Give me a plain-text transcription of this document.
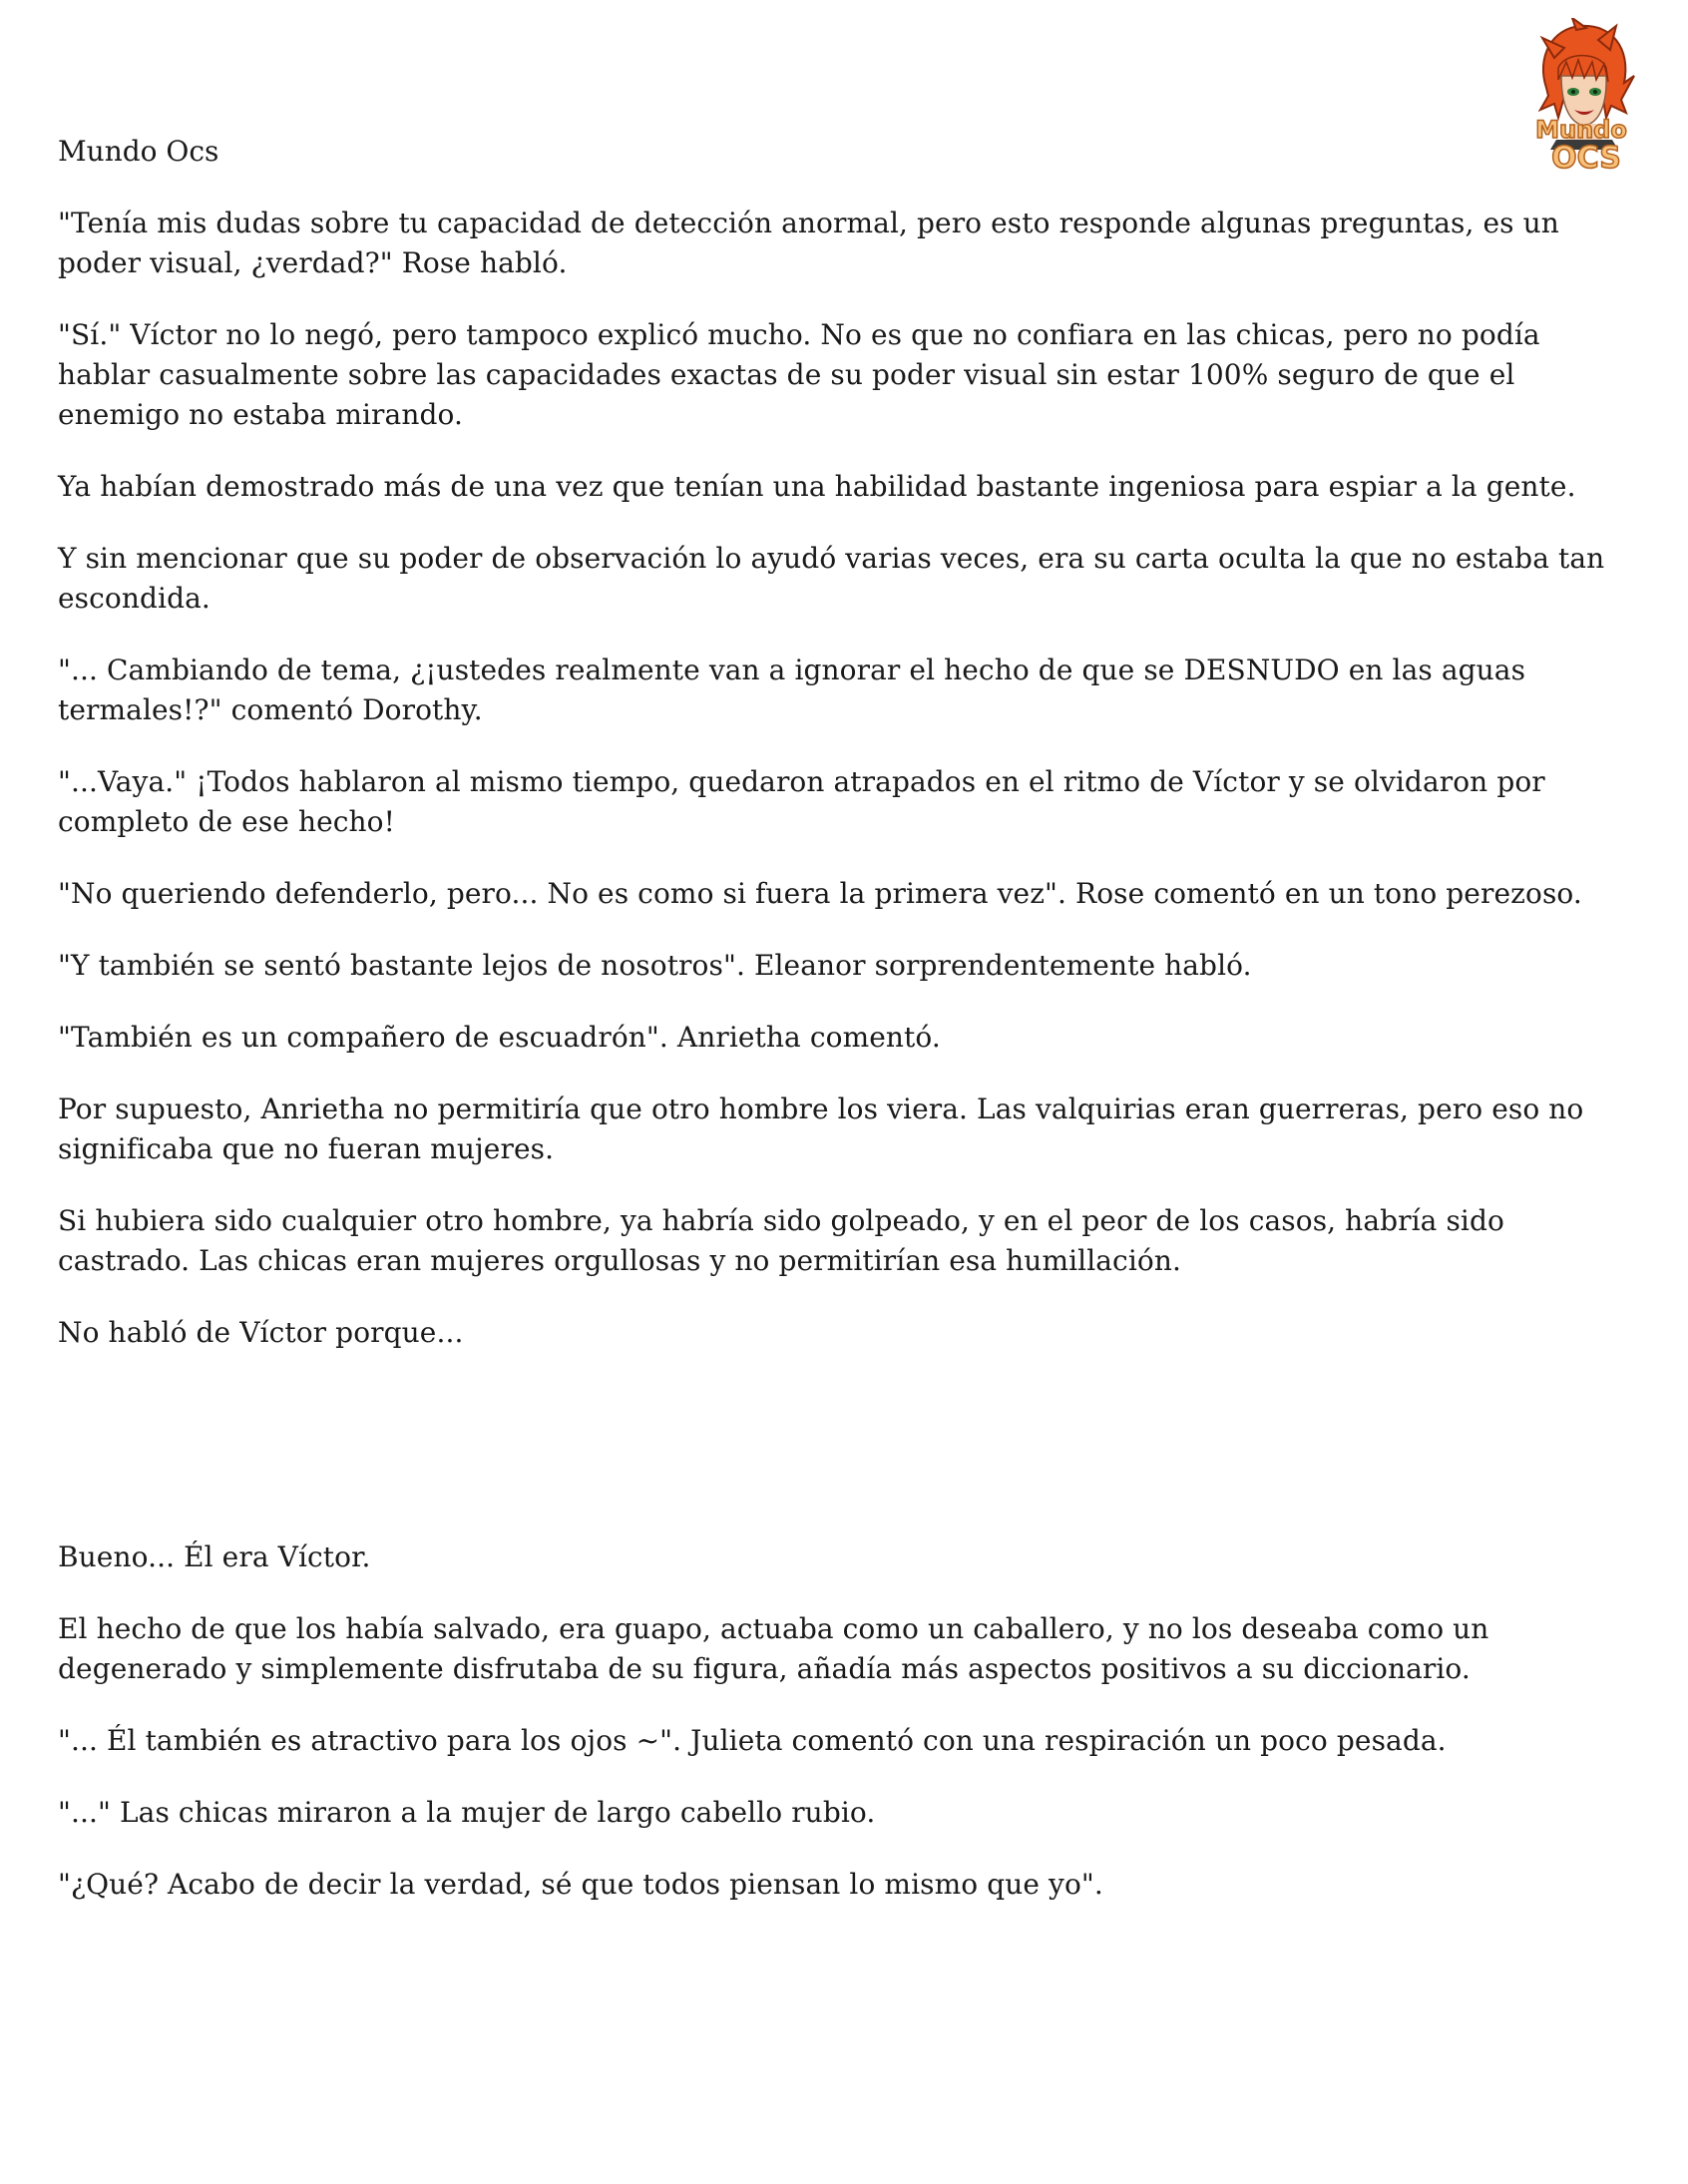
Mundo
OCS

Mundo Ocs

"Tenía mis dudas sobre tu capacidad de detección anormal, pero esto responde algunas preguntas, es un poder visual, ¿verdad?" Rose habló.

"Sí." Víctor no lo negó, pero tampoco explicó mucho. No es que no confiara en las chicas, pero no podía hablar casualmente sobre las capacidades exactas de su poder visual sin estar 100% seguro de que el enemigo no estaba mirando.

Ya habían demostrado más de una vez que tenían una habilidad bastante ingeniosa para espiar a la gente.

Y sin mencionar que su poder de observación lo ayudó varias veces, era su carta oculta la que no estaba tan escondida.

"... Cambiando de tema, ¿¡ustedes realmente van a ignorar el hecho de que se DESNUDO en las aguas termales!?" comentó Dorothy.

"...Vaya." ¡Todos hablaron al mismo tiempo, quedaron atrapados en el ritmo de Víctor y se olvidaron por completo de ese hecho!

"No queriendo defenderlo, pero... No es como si fuera la primera vez". Rose comentó en un tono perezoso.

"Y también se sentó bastante lejos de nosotros". Eleanor sorprendentemente habló.

"También es un compañero de escuadrón". Anrietha comentó.

Por supuesto, Anrietha no permitiría que otro hombre los viera. Las valquirias eran guerreras, pero eso no significaba que no fueran mujeres.

Si hubiera sido cualquier otro hombre, ya habría sido golpeado, y en el peor de los casos, habría sido castrado. Las chicas eran mujeres orgullosas y no permitirían esa humillación.

No habló de Víctor porque...

Bueno... Él era Víctor.

El hecho de que los había salvado, era guapo, actuaba como un caballero, y no los deseaba como un degenerado y simplemente disfrutaba de su figura, añadía más aspectos positivos a su diccionario.

"... Él también es atractivo para los ojos ~". Julieta comentó con una respiración un poco pesada.

"..." Las chicas miraron a la mujer de largo cabello rubio.

"¿Qué? Acabo de decir la verdad, sé que todos piensan lo mismo que yo".
